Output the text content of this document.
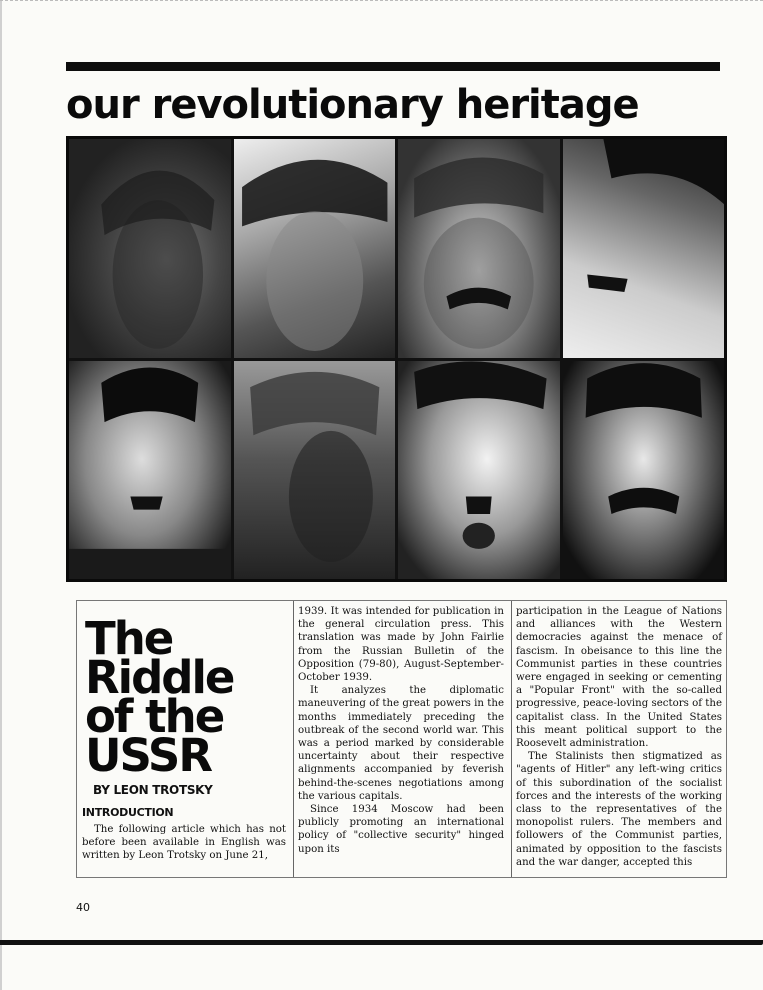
our revolutionary heritage
The
Riddle
of the
USSR

BY LEON TROTSKY

INTRODUCTION

The following article which has not before been available in English was written by Leon Trotsky on June 21,

1939. It was intended for publication in the general circulation press. This translation was made by John Fairlie from the Russian Bulletin of the Opposition (79-80), August-September-October 1939.

It analyzes the diplomatic maneuvering of the great powers in the months immediately preceding the outbreak of the second world war. This was a period marked by considerable uncertainty about their respective alignments accompanied by feverish behind-the-scenes negotiations among the various capitals.

Since 1934 Moscow had been publicly promoting an international policy of "collective security" hinged upon its

participation in the League of Nations and alliances with the Western democracies against the menace of fascism. In obeisance to this line the Communist parties in these countries were engaged in seeking or cementing a "Popular Front" with the so-called progressive, peace-loving sectors of the capitalist class. In the United States this meant political support to the Roosevelt administration.

The Stalinists then stigmatized as "agents of Hitler" any left-wing critics of this subordination of the socialist forces and the interests of the working class to the representatives of the monopolist rulers. The members and followers of the Communist parties, animated by opposition to the fascists and the war danger, accepted this

40
